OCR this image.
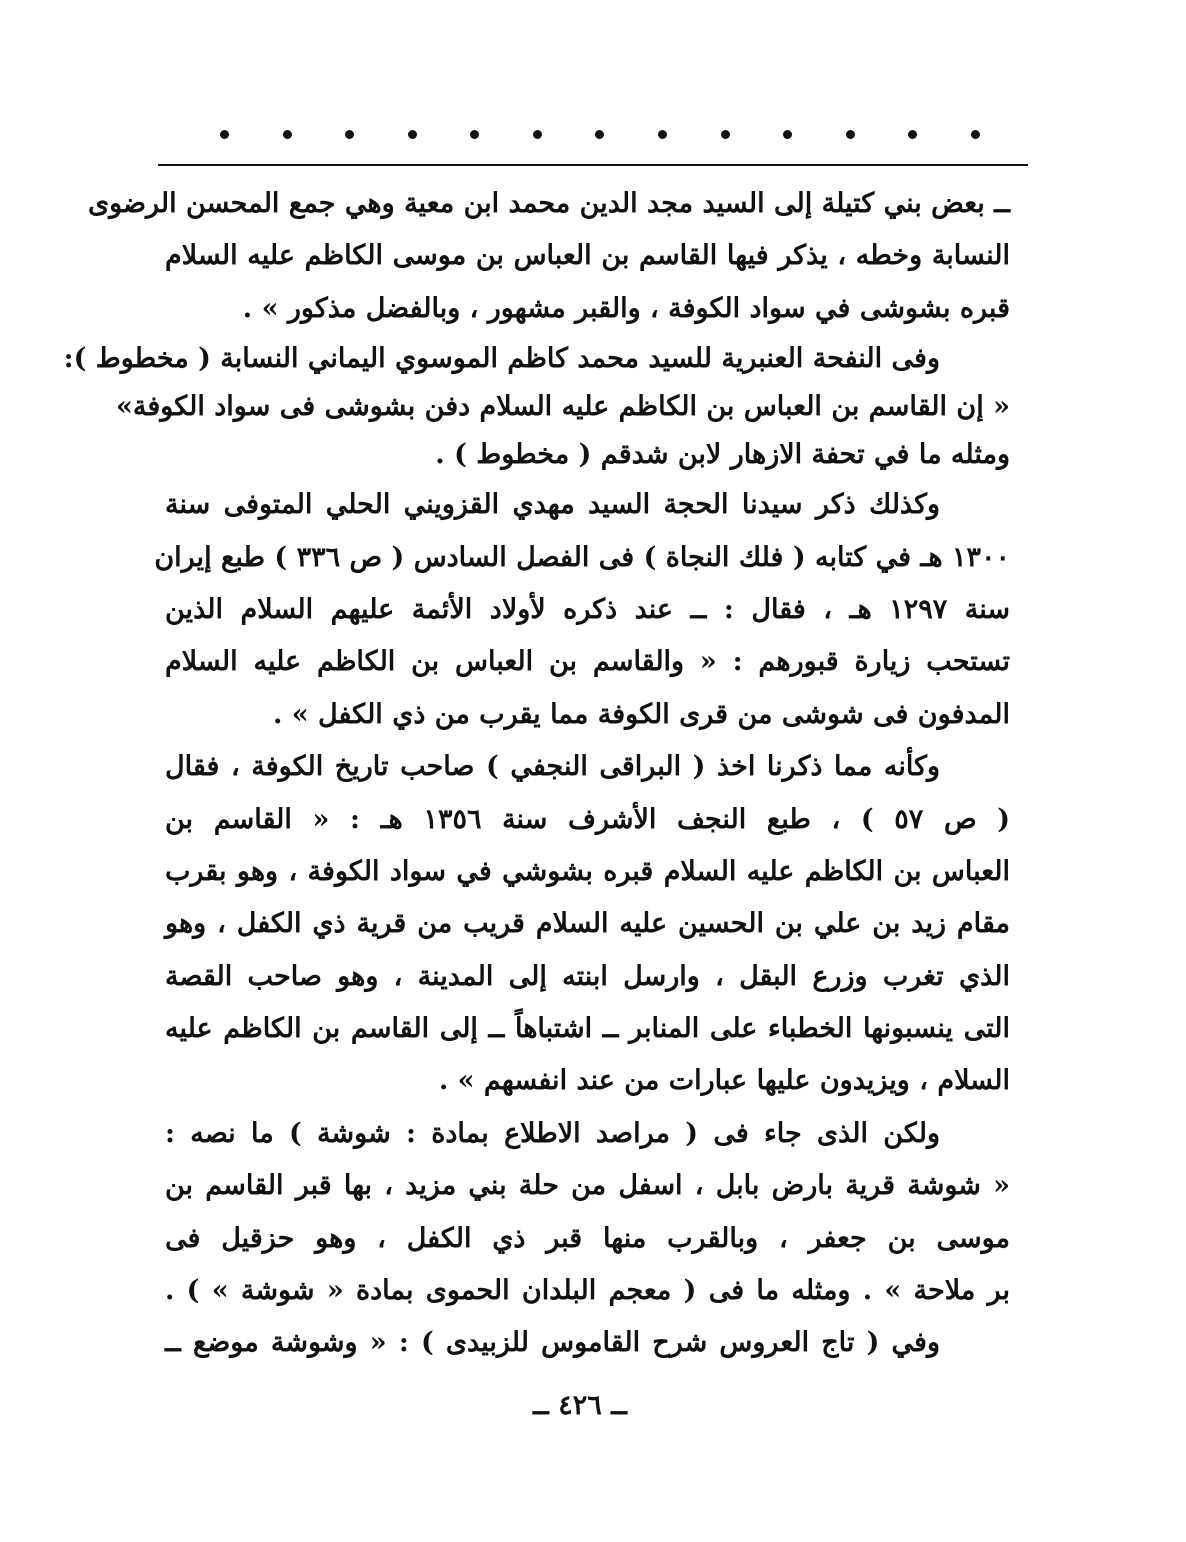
ــ بعض بني كتيلة إلى السيد مجد الدين محمد ابن معية وهي جمع المحسن الرضوى
النسابة وخطه ، يذكر فيها القاسم بن العباس بن موسى الكاظم عليه السلام
قبره بشوشى في سواد الكوفة ، والقبر مشهور ، وبالفضل مذكور » .
وفى النفحة العنبرية للسيد محمد كاظم الموسوي اليماني النسابة ( مخطوط ):
« إن القاسم بن العباس بن الكاظم عليه السلام دفن بشوشى فى سواد الكوفة»
ومثله ما في تحفة الازهار لابن شدقم ( مخطوط ) .
وكذلك ذكر سيدنا الحجة السيد مهدي القزويني الحلي المتوفى سنة
١٣٠٠ هـ في كتابه ( فلك النجاة ) فى الفصل السادس ( ص ٣٣٦ ) طبع إيران
سنة ١٢٩٧ هـ ، فقال : ــ عند ذكره لأولاد الأئمة عليهم السلام الذين
تستحب زيارة قبورهم : « والقاسم بن العباس بن الكاظم عليه السلام
المدفون فى شوشى من قرى الكوفة مما يقرب من ذي الكفل » .
وكأنه مما ذكرنا اخذ ( البراقى النجفي ) صاحب تاريخ الكوفة ، فقال
( ص ٥٧ ) ، طبع النجف الأشرف سنة ١٣٥٦ هـ : « القاسم بن
العباس بن الكاظم عليه السلام قبره بشوشي في سواد الكوفة ، وهو بقرب
مقام زيد بن علي بن الحسين عليه السلام قريب من قرية ذي الكفل ، وهو
الذي تغرب وزرع البقل ، وارسل ابنته إلى المدينة ، وهو صاحب القصة
التى ينسبونها الخطباء على المنابر ــ اشتباهاً ــ إلى القاسم بن الكاظم عليه
السلام ، ويزيدون عليها عبارات من عند انفسهم » .
ولكن الذى جاء فى ( مراصد الاطلاع بمادة : شوشة ) ما نصه :
« شوشة قرية بارض بابل ، اسفل من حلة بني مزيد ، بها قبر القاسم بن
موسى بن جعفر ، وبالقرب منها قبر ذي الكفل ، وهو حزقيل فى
بر ملاحة » . ومثله ما فى ( معجم البلدان الحموى بمادة « شوشة » ) .
وفي ( تاج العروس شرح القاموس للزبيدى ) : « وشوشة موضع ــ
ــ ٤٢٦ ــ
